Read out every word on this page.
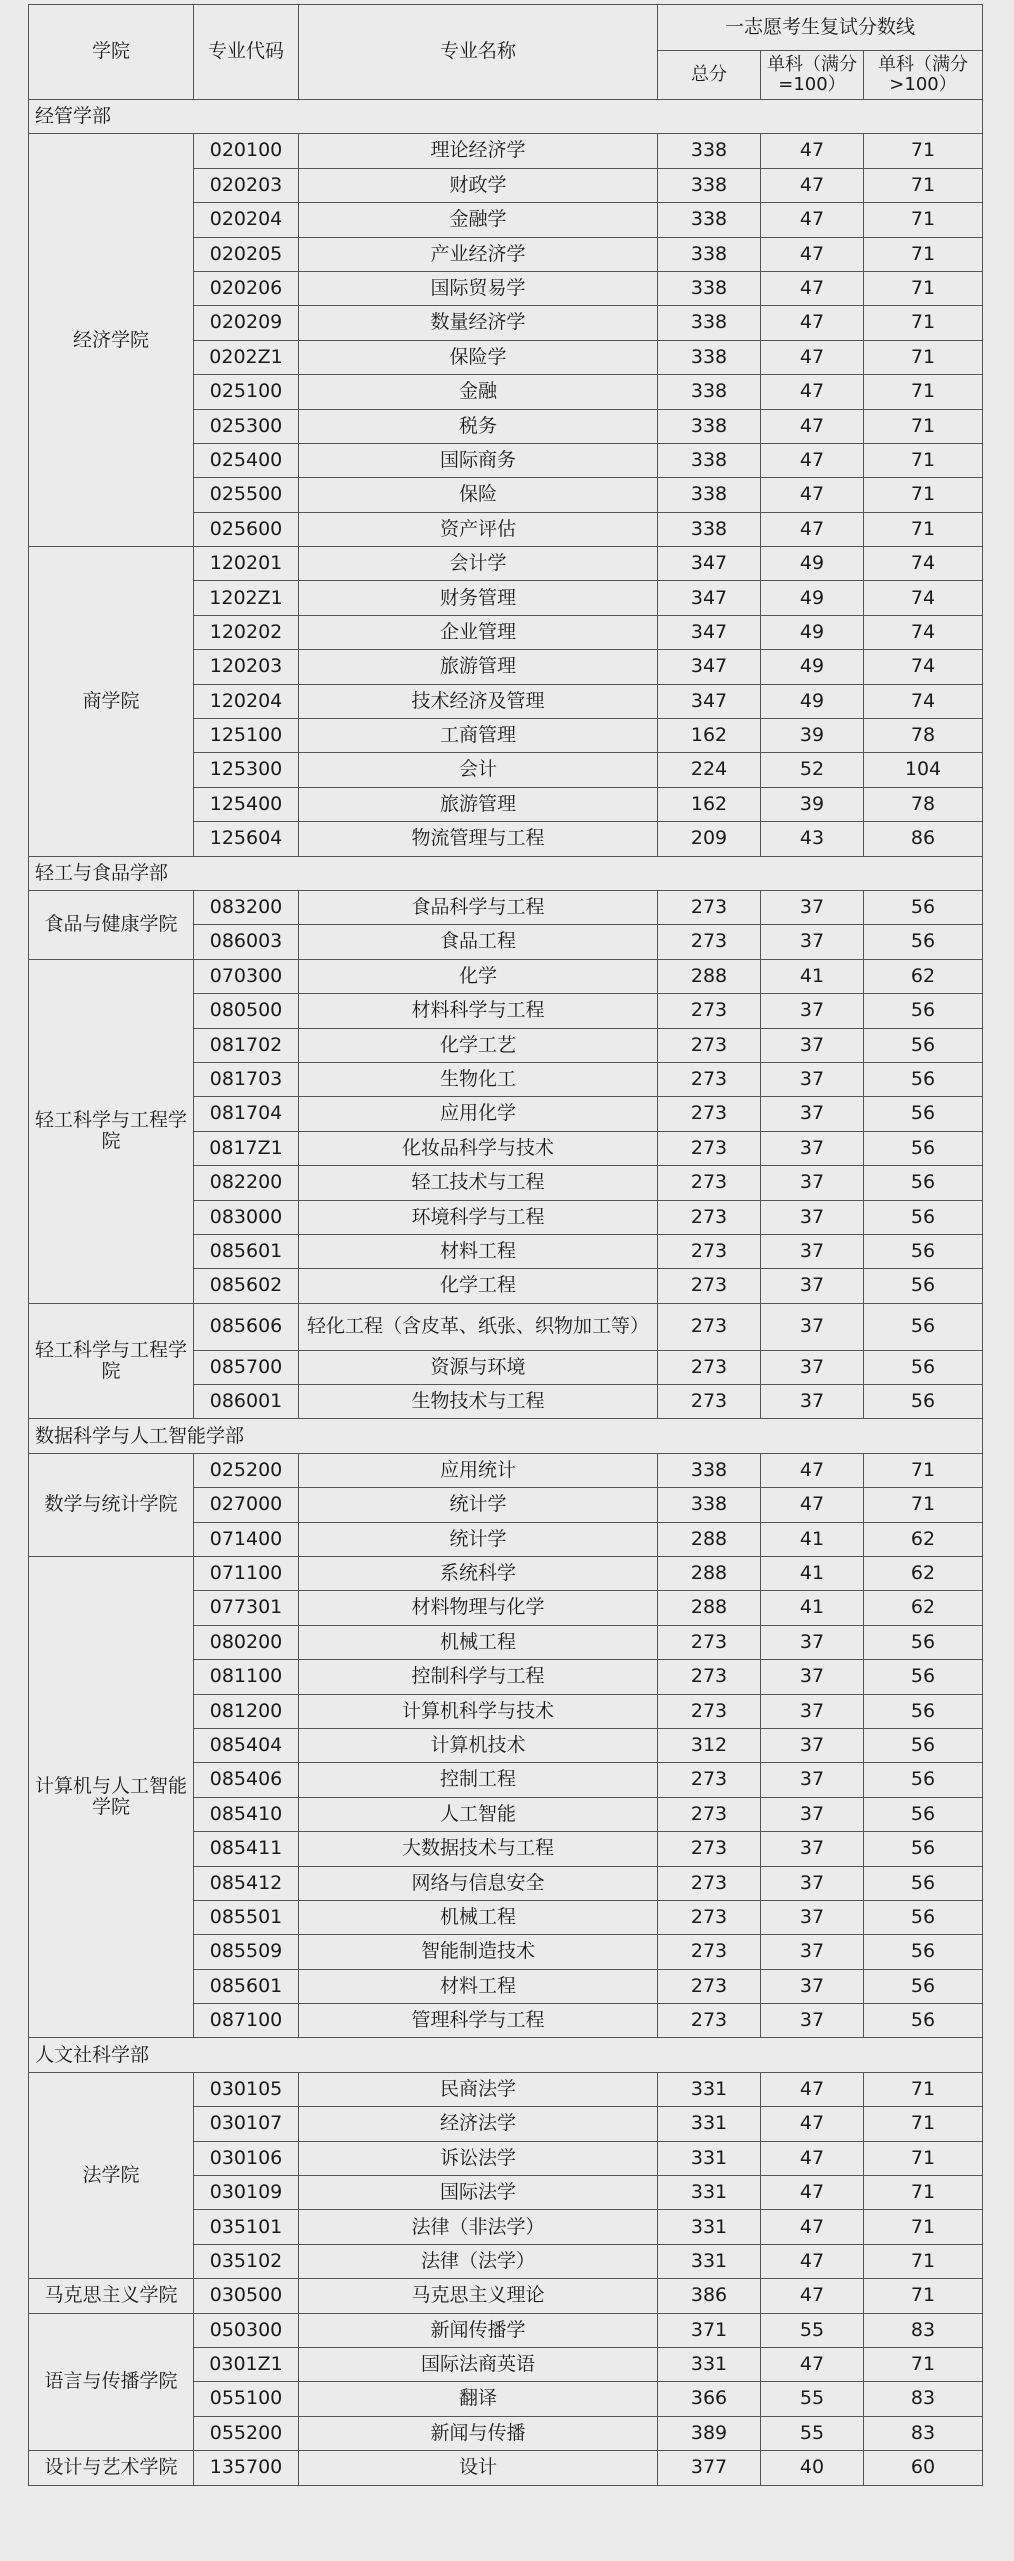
学院	专业代码	专业名称	一志愿考生复试分数线		
			总分	单科（满分=100）	单科（满分>100）
经管学部					
经济学院	020100	理论经济学	338	47	71
	020203	财政学	338	47	71
	020204	金融学	338	47	71
	020205	产业经济学	338	47	71
	020206	国际贸易学	338	47	71
	020209	数量经济学	338	47	71
	0202Z1	保险学	338	47	71
	025100	金融	338	47	71
	025300	税务	338	47	71
	025400	国际商务	338	47	71
	025500	保险	338	47	71
	025600	资产评估	338	47	71
商学院	120201	会计学	347	49	74
	1202Z1	财务管理	347	49	74
	120202	企业管理	347	49	74
	120203	旅游管理	347	49	74
	120204	技术经济及管理	347	49	74
	125100	工商管理	162	39	78
	125300	会计	224	52	104
	125400	旅游管理	162	39	78
	125604	物流管理与工程	209	43	86
轻工与食品学部					
食品与健康学院	083200	食品科学与工程	273	37	56
	086003	食品工程	273	37	56
轻工科学与工程学院	070300	化学	288	41	62
	080500	材料科学与工程	273	37	56
	081702	化学工艺	273	37	56
	081703	生物化工	273	37	56
	081704	应用化学	273	37	56
	0817Z1	化妆品科学与技术	273	37	56
	082200	轻工技术与工程	273	37	56
	083000	环境科学与工程	273	37	56
	085601	材料工程	273	37	56
	085602	化学工程	273	37	56
轻工科学与工程学院	085606	轻化工程（含皮革、纸张、织物加工等）	273	37	56
	085700	资源与环境	273	37	56
	086001	生物技术与工程	273	37	56
数据科学与人工智能学部					
数学与统计学院	025200	应用统计	338	47	71
	027000	统计学	338	47	71
	071400	统计学	288	41	62
计算机与人工智能学院	071100	系统科学	288	41	62
	077301	材料物理与化学	288	41	62
	080200	机械工程	273	37	56
	081100	控制科学与工程	273	37	56
	081200	计算机科学与技术	273	37	56
	085404	计算机技术	312	37	56
	085406	控制工程	273	37	56
	085410	人工智能	273	37	56
	085411	大数据技术与工程	273	37	56
	085412	网络与信息安全	273	37	56
	085501	机械工程	273	37	56
	085509	智能制造技术	273	37	56
	085601	材料工程	273	37	56
	087100	管理科学与工程	273	37	56
人文社科学部					
法学院	030105	民商法学	331	47	71
	030107	经济法学	331	47	71
	030106	诉讼法学	331	47	71
	030109	国际法学	331	47	71
	035101	法律（非法学）	331	47	71
	035102	法律（法学）	331	47	71
马克思主义学院	030500	马克思主义理论	386	47	71
语言与传播学院	050300	新闻传播学	371	55	83
	0301Z1	国际法商英语	331	47	71
	055100	翻译	366	55	83
	055200	新闻与传播	389	55	83
设计与艺术学院	135700	设计	377	40	60
